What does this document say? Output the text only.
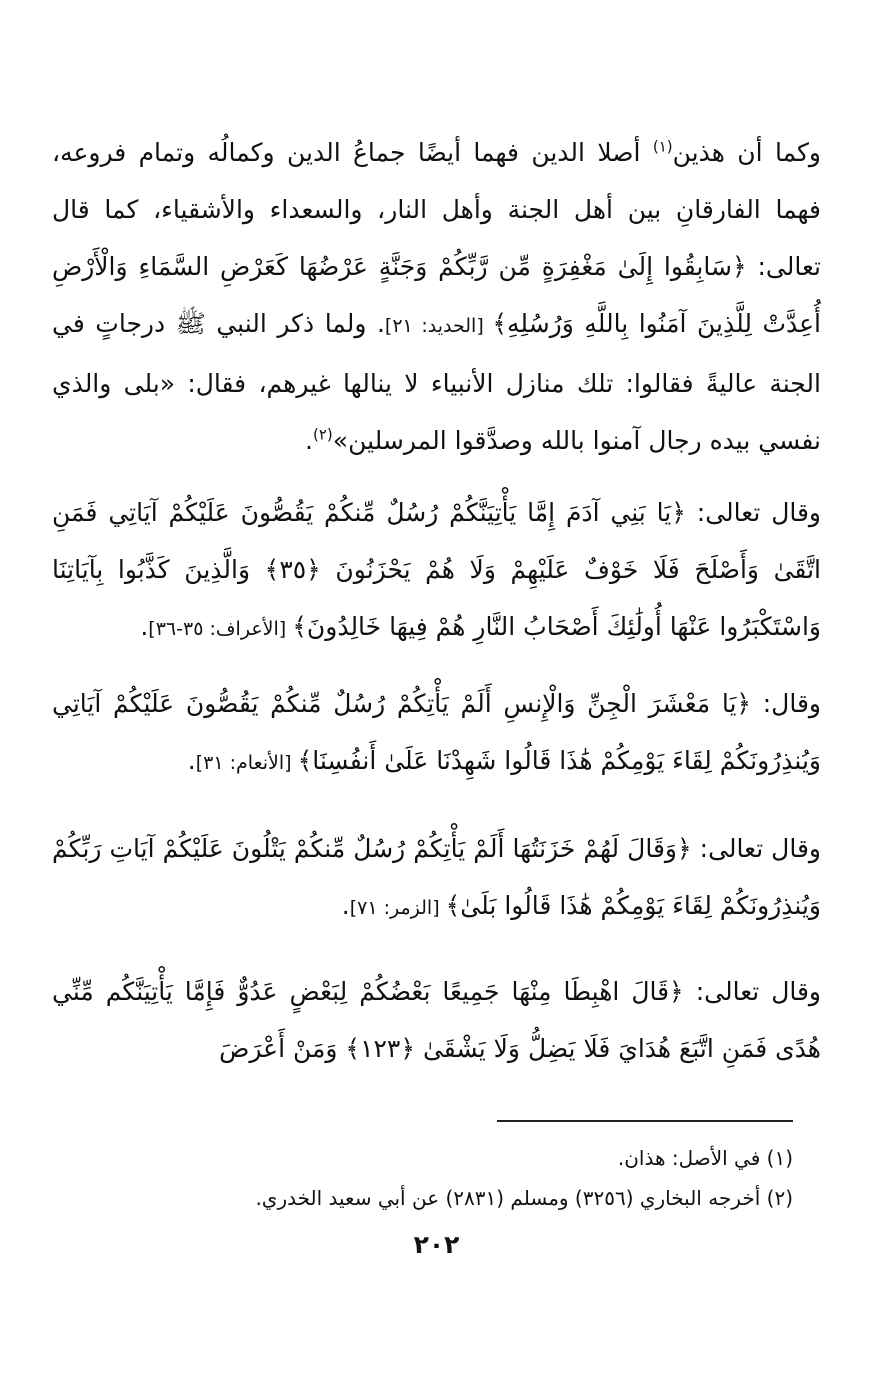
وكما أن هذين$^{(١)}$ أصلا الدين فهما أيضًا جماعُ الدين وكمالُه وتمام فروعه، فهما الفارقانِ بين أهل الجنة وأهل النار، والسعداء والأشقياء، كما قال تعالى: ﴿سَابِقُوا إِلَىٰ مَغْفِرَةٍ مِّن رَّبِّكُمْ وَجَنَّةٍ عَرْضُهَا كَعَرْضِ السَّمَاءِ وَالْأَرْضِ أُعِدَّتْ لِلَّذِينَ آمَنُوا بِاللَّهِ وَرُسُلِهِ﴾ [الحديد: ٢١]. ولما ذكر النبي ﷺ درجاتٍ في الجنة عاليةً فقالوا: تلك منازل الأنبياء لا ينالها غيرهم، فقال: «بلى والذي نفسي بيده رجال آمنوا بالله وصدَّقوا المرسلين»$^{(٢)}$.

وقال تعالى: ﴿يَا بَنِي آدَمَ إِمَّا يَأْتِيَنَّكُمْ رُسُلٌ مِّنكُمْ يَقُصُّونَ عَلَيْكُمْ آيَاتِي فَمَنِ اتَّقَىٰ وَأَصْلَحَ فَلَا خَوْفٌ عَلَيْهِمْ وَلَا هُمْ يَحْزَنُونَ ﴿٣٥﴾ وَالَّذِينَ كَذَّبُوا بِآيَاتِنَا وَاسْتَكْبَرُوا عَنْهَا أُولَٰئِكَ أَصْحَابُ النَّارِ هُمْ فِيهَا خَالِدُونَ﴾ [الأعراف: ٣٥-٣٦].

وقال: ﴿يَا مَعْشَرَ الْجِنِّ وَالْإِنسِ أَلَمْ يَأْتِكُمْ رُسُلٌ مِّنكُمْ يَقُصُّونَ عَلَيْكُمْ آيَاتِي وَيُنذِرُونَكُمْ لِقَاءَ يَوْمِكُمْ هَٰذَا قَالُوا شَهِدْنَا عَلَىٰ أَنفُسِنَا﴾ [الأنعام: ٣١].

وقال تعالى: ﴿وَقَالَ لَهُمْ خَزَنَتُهَا أَلَمْ يَأْتِكُمْ رُسُلٌ مِّنكُمْ يَتْلُونَ عَلَيْكُمْ آيَاتِ رَبِّكُمْ وَيُنذِرُونَكُمْ لِقَاءَ يَوْمِكُمْ هَٰذَا قَالُوا بَلَىٰ﴾ [الزمر: ٧١].

وقال تعالى: ﴿قَالَ اهْبِطَا مِنْهَا جَمِيعًا بَعْضُكُمْ لِبَعْضٍ عَدُوٌّ فَإِمَّا يَأْتِيَنَّكُم مِّنِّي هُدًى فَمَنِ اتَّبَعَ هُدَايَ فَلَا يَضِلُّ وَلَا يَشْقَىٰ ﴿١٢٣﴾ وَمَنْ أَعْرَضَ

(١) في الأصل: هذان.

(٢) أخرجه البخاري (٣٢٥٦) ومسلم (٢٨٣١) عن أبي سعيد الخدري.

٢٠٢
